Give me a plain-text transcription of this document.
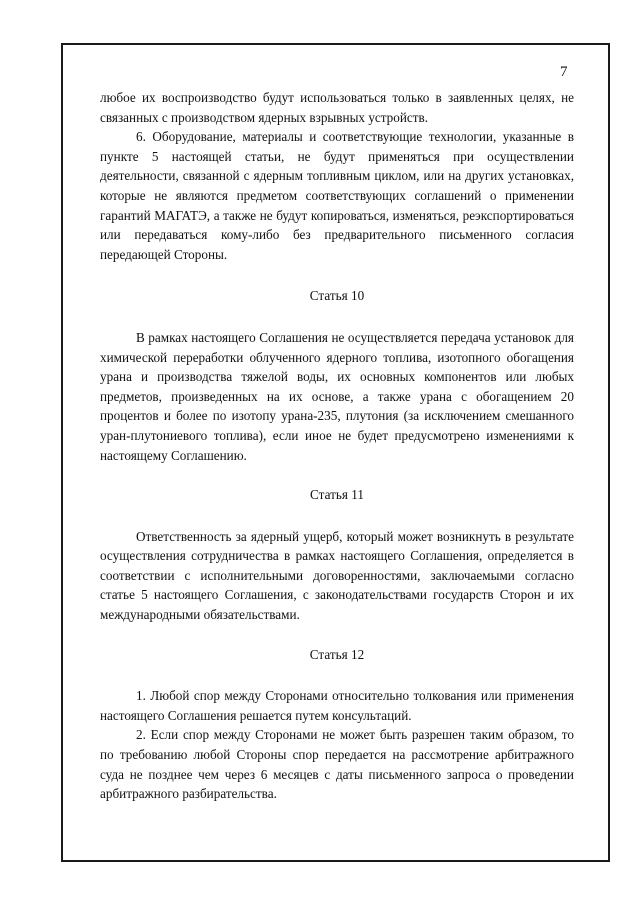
7

любое их воспроизводство будут использоваться только в заявленных целях, не связанных с производством ядерных взрывных устройств.

6. Оборудование, материалы и соответствующие технологии, указанные в пункте 5 настоящей статьи, не будут применяться при осуществлении деятельности, связанной с ядерным топливным циклом, или на других установках, которые не являются предметом соответствующих соглашений о применении гарантий МАГАТЭ, а также не будут копироваться, изменяться, реэкспортироваться или передаваться кому-либо без предварительного письменного согласия передающей Стороны.

Статья 10

В рамках настоящего Соглашения не осуществляется передача установок для химической переработки облученного ядерного топлива, изотопного обогащения урана и производства тяжелой воды, их основных компонентов или любых предметов, произведенных на их основе, а также урана с обогащением 20 процентов и более по изотопу урана-235, плутония (за исключением смешанного уран-плутониевого топлива), если иное не будет предусмотрено изменениями к настоящему Соглашению.

Статья 11

Ответственность за ядерный ущерб, который может возникнуть в результате осуществления сотрудничества в рамках настоящего Соглашения, определяется в соответствии с исполнительными договоренностями, заключаемыми согласно статье 5 настоящего Соглашения, с законодательствами государств Сторон и их международными обязательствами.

Статья 12

1. Любой спор между Сторонами относительно толкования или применения настоящего Соглашения решается путем консультаций.

2. Если спор между Сторонами не может быть разрешен таким образом, то по требованию любой Стороны спор передается на рассмотрение арбитражного суда не позднее чем через 6 месяцев с даты письменного запроса о проведении арбитражного разбирательства.
